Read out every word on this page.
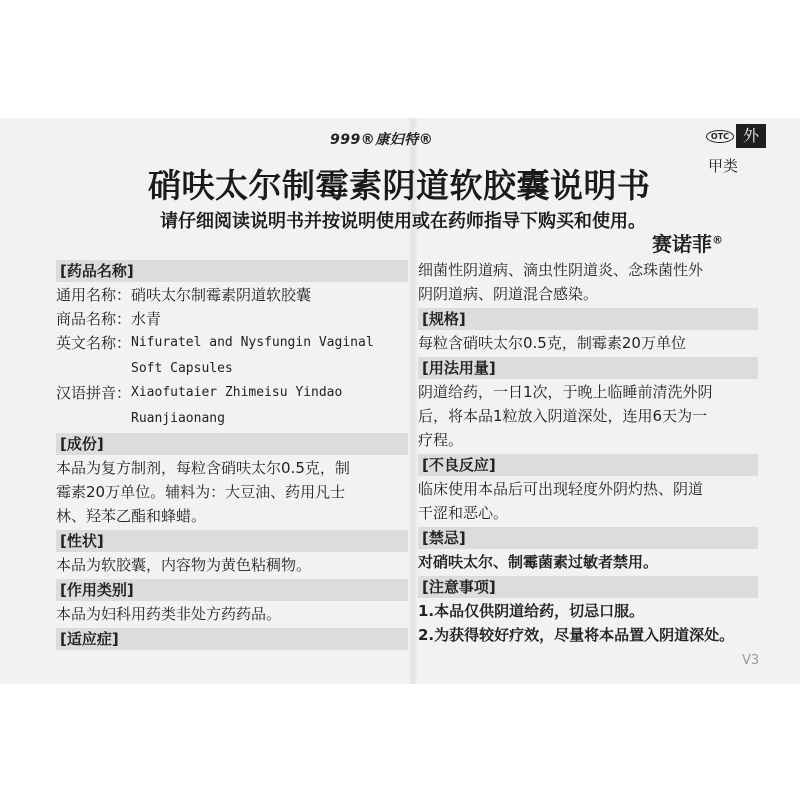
999®康妇特®	OTC 外
甲类
硝呋太尔制霉素阴道软胶囊说明书
请仔细阅读说明书并按说明使用或在药师指导下购买和使用。
赛诺菲®
[药品名称]
通用名称： 硝呋太尔制霉素阴道软胶囊
商品名称： 水青
英文名称： Nifuratel and Nysfungin Vaginal
Soft Capsules
汉语拼音： Xiaofutaier Zhimeisu Yindao
Ruanjiaonang
[成份]
本品为复方制剂，每粒含硝呋太尔0.5克，制
霉素20万单位。辅料为：大豆油、药用凡士
林、羟苯乙酯和蜂蜡。
[性状]
本品为软胶囊，内容物为黄色粘稠物。
[作用类别]
本品为妇科用药类非处方药药品。
[适应症]
细菌性阴道病、滴虫性阴道炎、念珠菌性外
阴阴道病、阴道混合感染。
[规格]
每粒含硝呋太尔0.5克，制霉素20万单位
[用法用量]
阴道给药，一日1次，于晚上临睡前清洗外阴
后，将本品1粒放入阴道深处，连用6天为一
疗程。
[不良反应]
临床使用本品后可出现轻度外阴灼热、阴道
干涩和恶心。
[禁忌]
对硝呋太尔、制霉菌素过敏者禁用。
[注意事项]
1.本品仅供阴道给药，切忌口服。
2.为获得较好疗效，尽量将本品置入阴道深处。
V3
